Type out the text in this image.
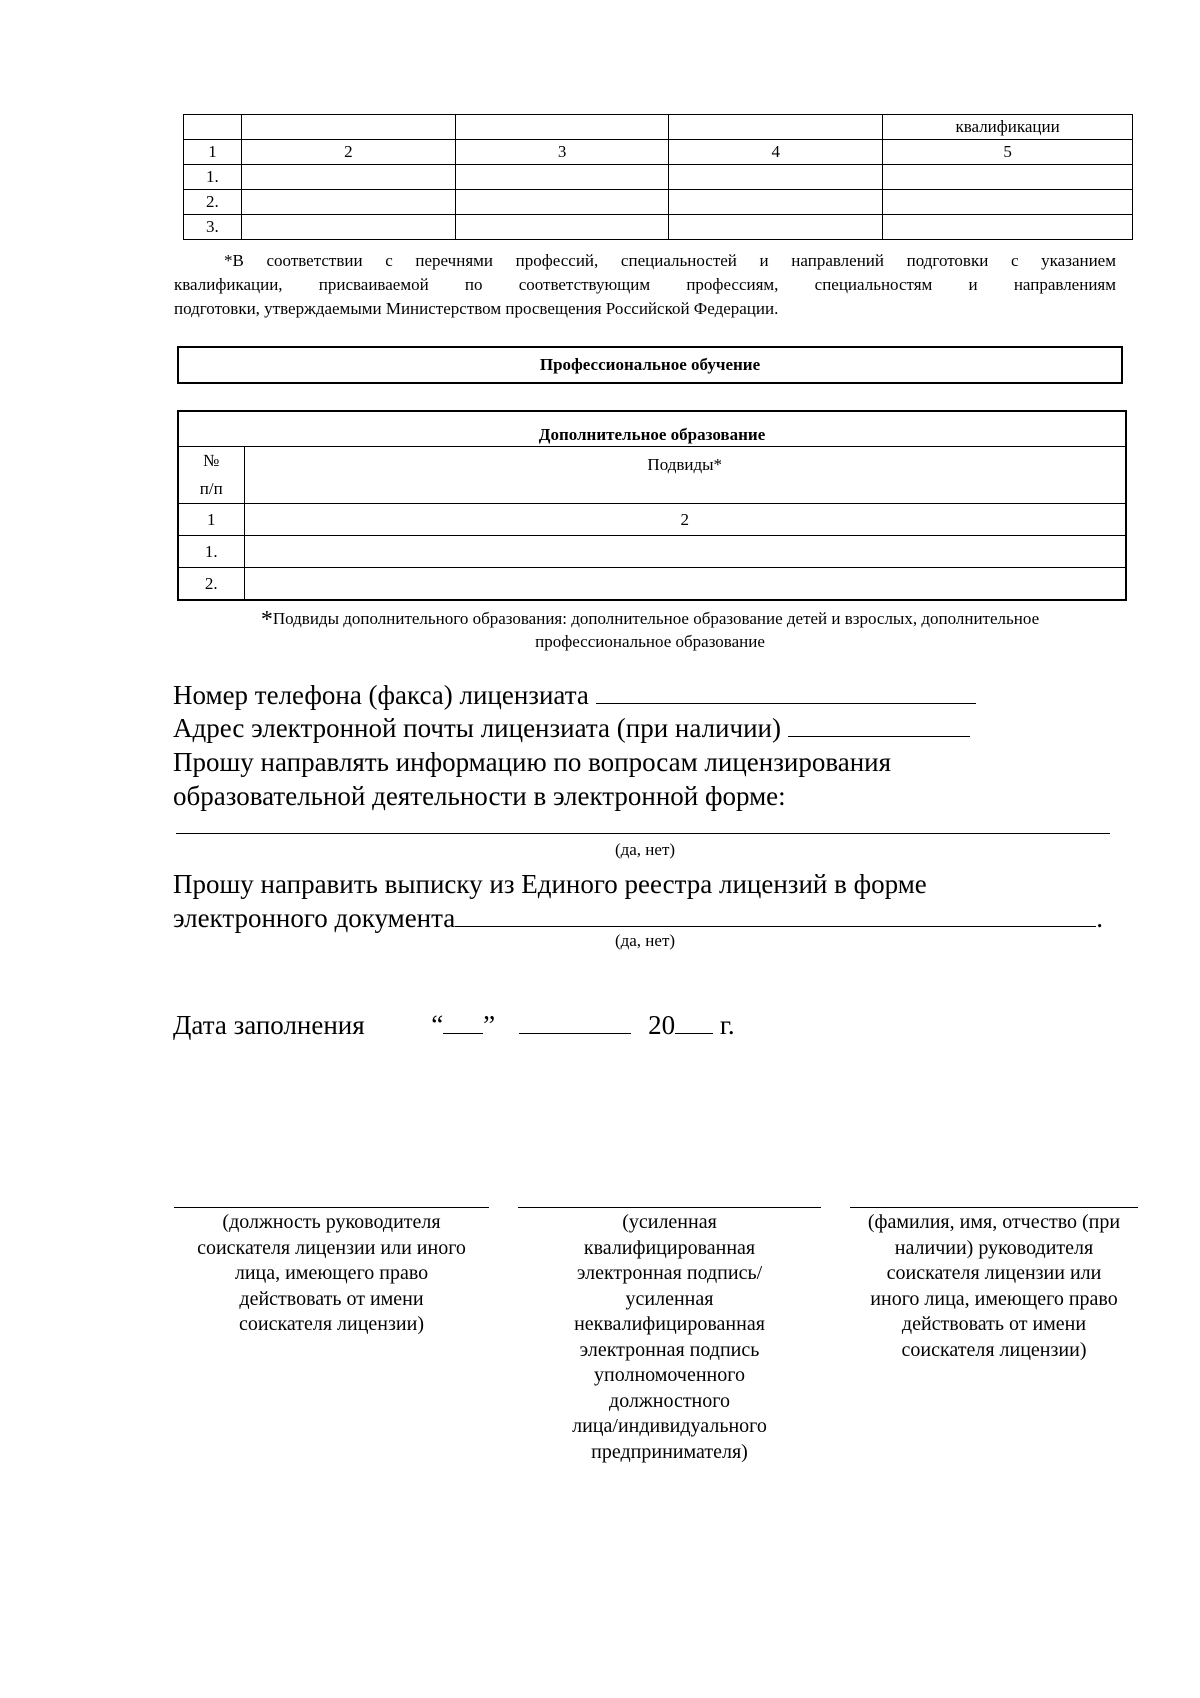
				квалификации
1	2	3	4	5
1.				
2.				
3.				
*В соответствии с перечнями профессий, специальностей и направлений подготовки с указанием
квалификации, присваиваемой по соответствующим профессиям, специальностям и направлениям
подготовки, утверждаемыми Министерством просвещения Российской Федерации.
Профессиональное обучение
Дополнительное образование
№
п/п	Подвиды*
1	2
1.	
2.	
*Подвиды дополнительного образования: дополнительное образование детей и взрослых, дополнительное
профессиональное образование
Номер телефона (факса) лицензиата
Адрес электронной почты лицензиата (при наличии)
Прошу направлять информацию по вопросам лицензирования
образовательной деятельности в электронной форме:
(да, нет)
Прошу направить выписку из Единого реестра лицензий в форме
электронного документа	.
(да, нет)
Дата заполнения “ ”	20 г.
(должность руководителя
соискателя лицензии или иного
лица, имеющего право
действовать от имени
соискателя лицензии)
(усиленная
квалифицированная
электронная подпись/
усиленная
неквалифицированная
электронная подпись
уполномоченного
должностного
лица/индивидуального
предпринимателя)
(фамилия, имя, отчество (при
наличии) руководителя
соискателя лицензии или
иного лица, имеющего право
действовать от имени
соискателя лицензии)
